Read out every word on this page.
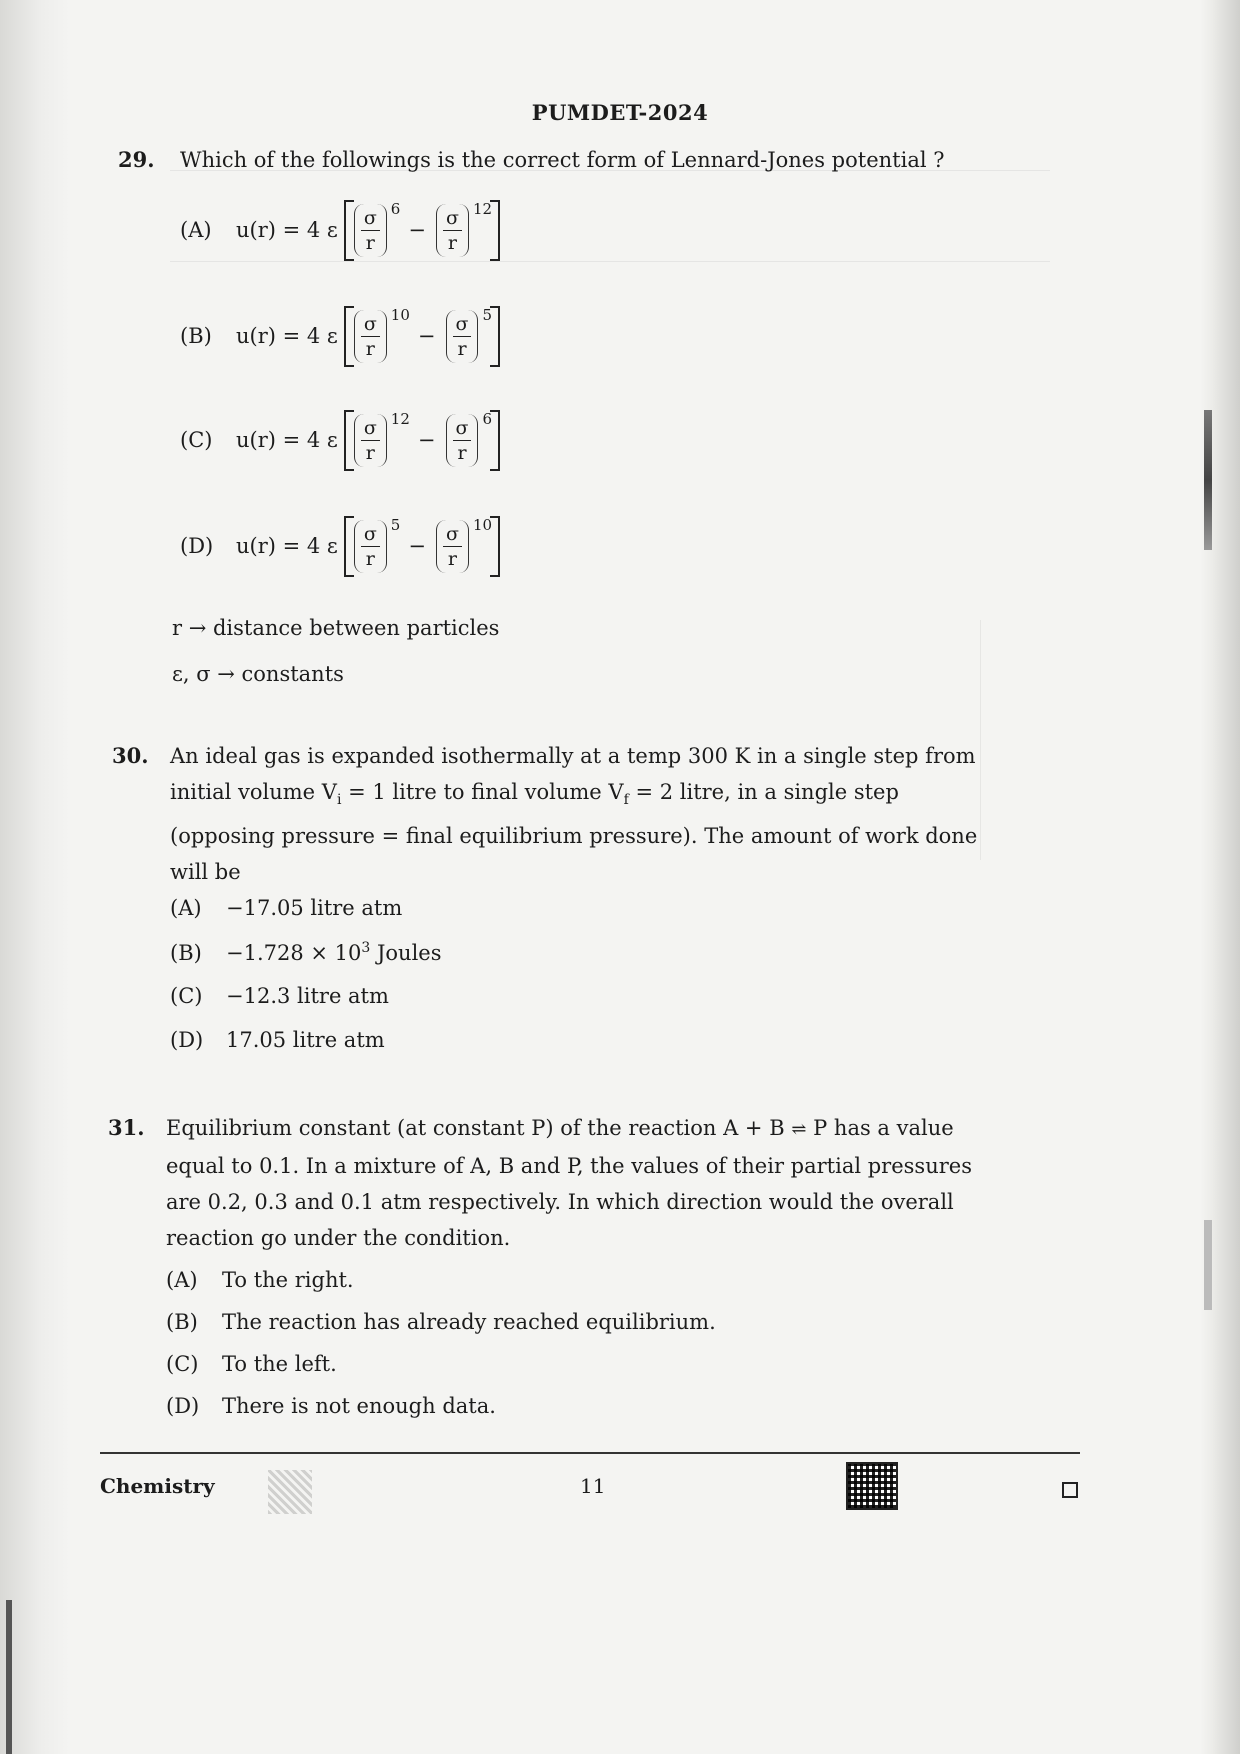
PUMDET-2024
29. Which of the followings is the correct form of Lennard-Jones potential ?
(A)	u(r) = 4 ε $\frac{\sigma}{r} 6$
− $\frac{\sigma}{r} 12$
(B)	u(r) = 4 ε $\frac{\sigma}{r} 10$
− $\frac{\sigma}{r} 5$
(C)	u(r) = 4 ε $\frac{\sigma}{r} 12$
− $\frac{\sigma}{r} 6$
(D)	u(r) = 4 ε $\frac{\sigma}{r} 5$
− $\frac{\sigma}{r} 10$
r → distance between particles
ε, σ → constants
30. An ideal gas is expanded isothermally at a temp 300 K in a single step from
initial volume $V_i = 1$ litre to final volume $V_f = 2$ litre, in a single step
(opposing pressure = final equilibrium pressure). The amount of work done
will be
(A)	−17.05 litre atm
(B)	$-1.728 \times 10^3$ Joules
(C)	−12.3 litre atm
(D)	17.05 litre atm
31. Equilibrium constant (at constant P) of the reaction A + B ⇌ P has a value
equal to 0.1. In a mixture of A, B and P, the values of their partial pressures
are 0.2, 0.3 and 0.1 atm respectively. In which direction would the overall
reaction go under the condition.
(A)	To the right.
(B)	The reaction has already reached equilibrium.
(C)	To the left.
(D)	There is not enough data.
Chemistry	11
